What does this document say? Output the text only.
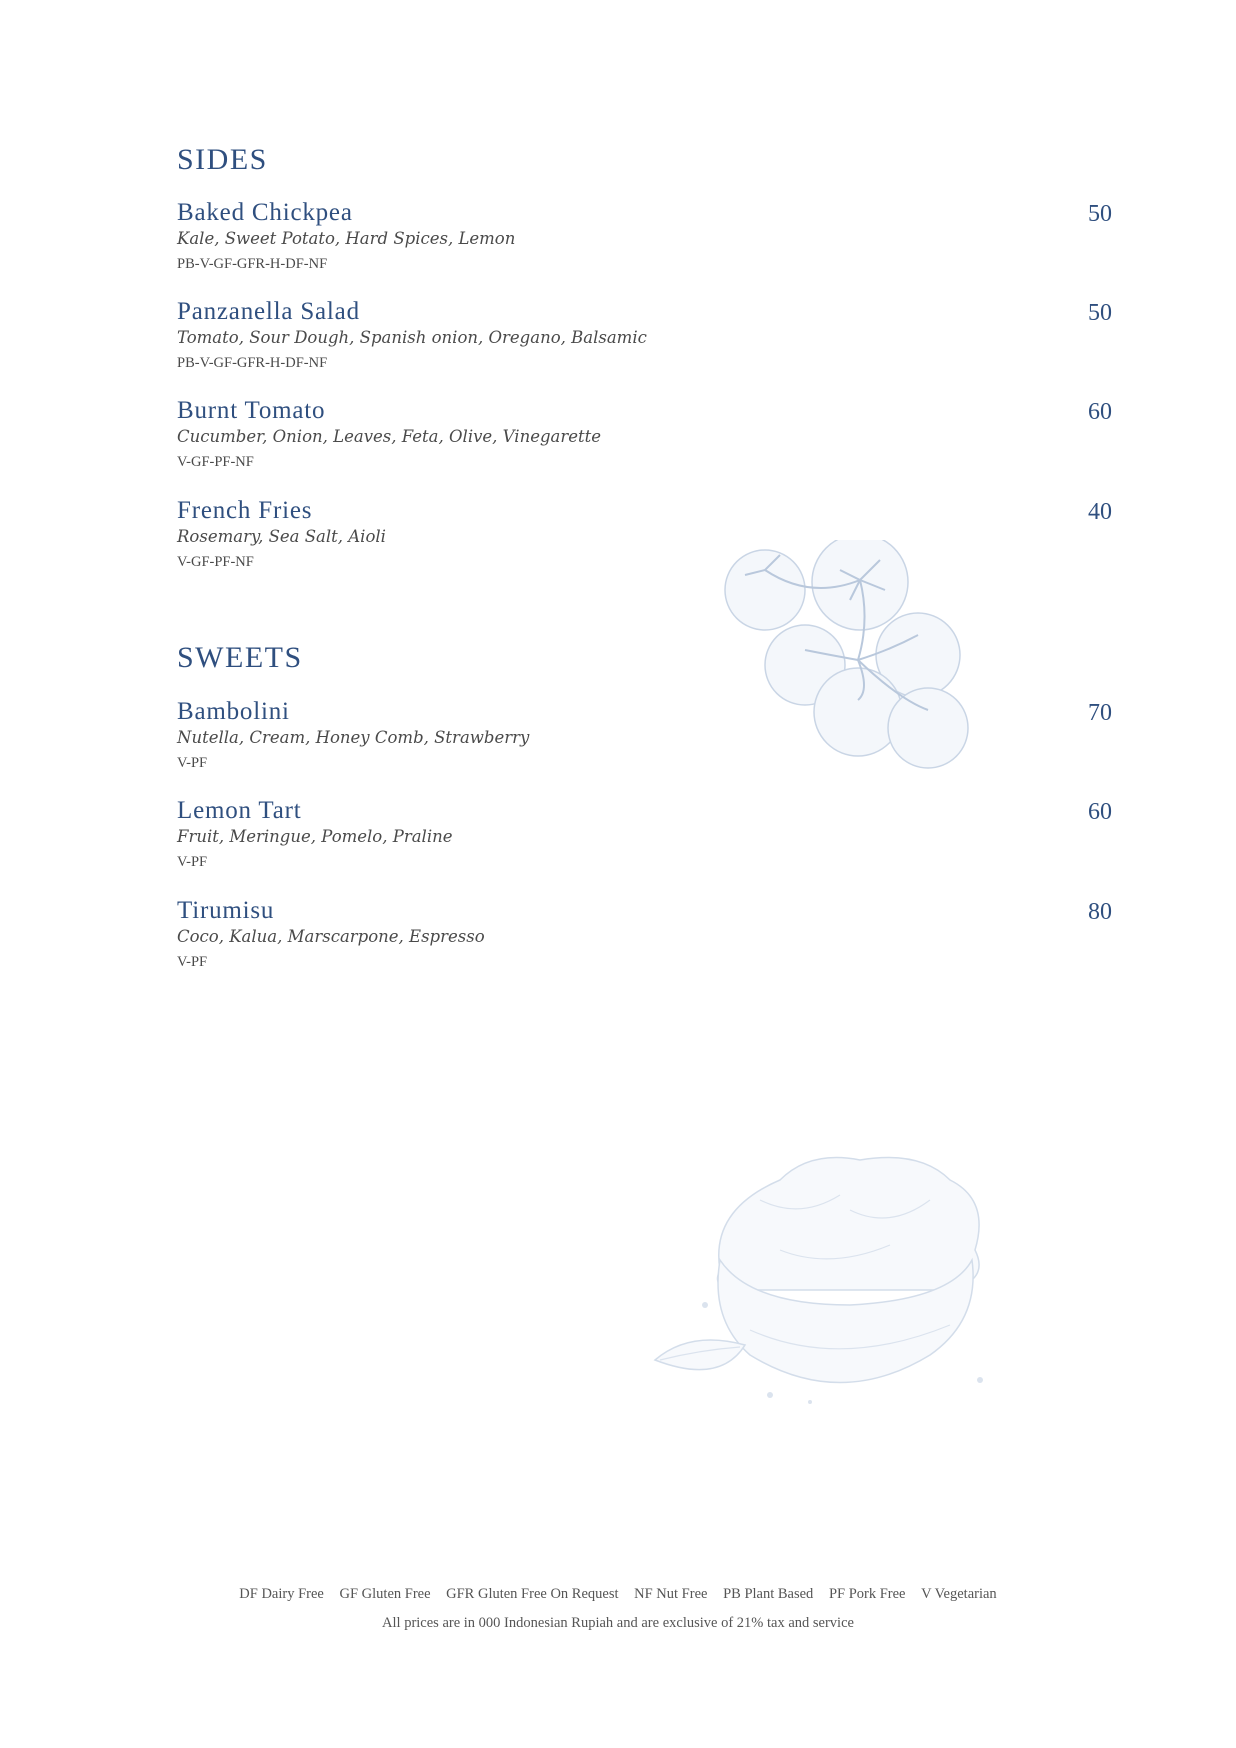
SIDES
Baked Chickpea	50
Kale, Sweet Potato, Hard Spices, Lemon
PB-V-GF-GFR-H-DF-NF
Panzanella Salad	50
Tomato, Sour Dough, Spanish onion, Oregano, Balsamic
PB-V-GF-GFR-H-DF-NF
Burnt Tomato	60
Cucumber, Onion, Leaves, Feta, Olive, Vinegarette
V-GF-PF-NF
French Fries	40
Rosemary, Sea Salt, Aioli
V-GF-PF-NF
SWEETS
Bambolini	70
Nutella, Cream, Honey Comb, Strawberry
V-PF
Lemon Tart	60
Fruit, Meringue, Pomelo, Praline
V-PF
Tirumisu	80
Coco, Kalua, Marscarpone, Espresso
V-PF
DF Dairy Free GF Gluten Free GFR Gluten Free On Request NF Nut Free PB Plant Based PF Pork Free V Vegetarian
All prices are in 000 Indonesian Rupiah and are exclusive of 21% tax and service
